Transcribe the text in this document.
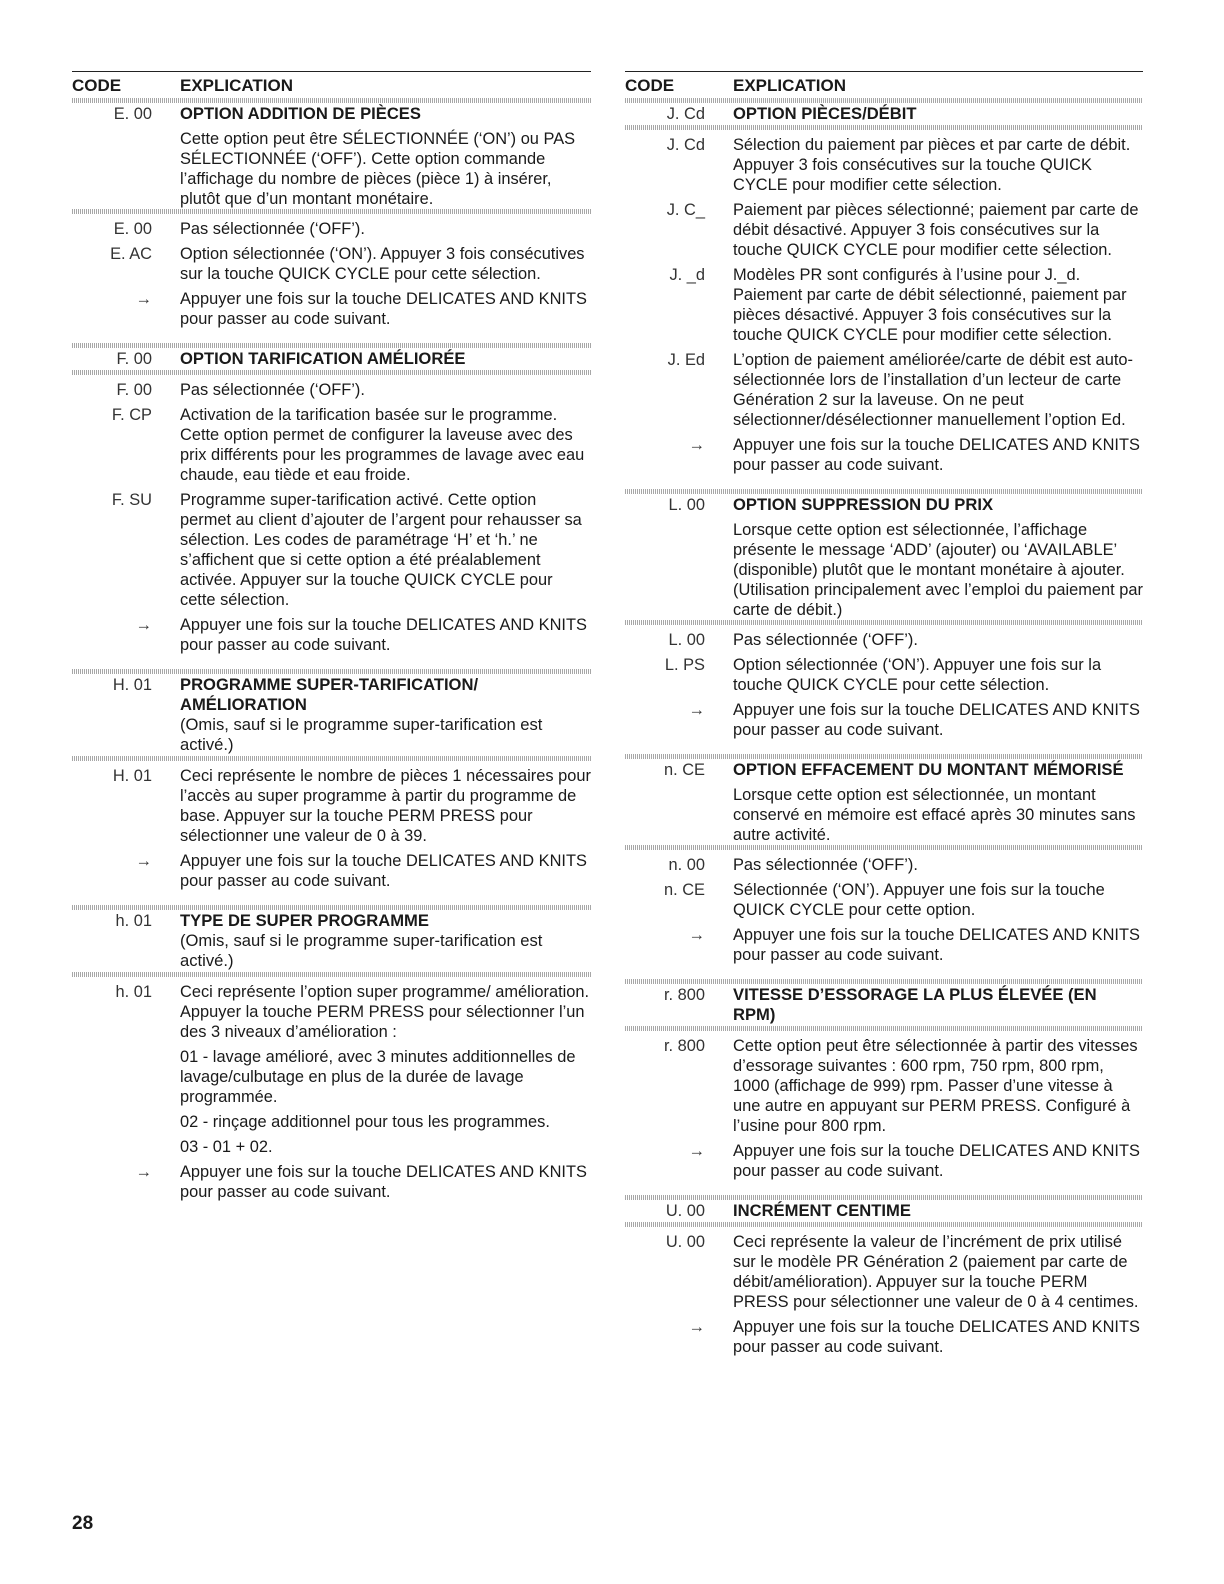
CODE	EXPLICATION
E. 00	OPTION ADDITION DE PIÈCES
Cette option peut être SÉLECTIONNÉE (‘ON’) ou PAS SÉLECTIONNÉE (‘OFF’). Cette option commande l’affichage du nombre de pièces (pièce 1) à insérer, plutôt que d’un montant monétaire.
E. 00	Pas sélectionnée (‘OFF’).
E. AC	Option sélectionnée (‘ON’). Appuyer 3 fois consécutives sur la touche QUICK CYCLE pour cette sélection.
→	Appuyer une fois sur la touche DELICATES AND KNITS pour passer au code suivant.
F. 00	OPTION TARIFICATION AMÉLIORÉE
F. 00	Pas sélectionnée (‘OFF’).
F. CP	Activation de la tarification basée sur le programme. Cette option permet de configurer la laveuse avec des prix différents pour les programmes de lavage avec eau chaude, eau tiède et eau froide.
F. SU	Programme super-tarification activé. Cette option permet au client d’ajouter de l’argent pour rehausser sa sélection. Les codes de paramétrage ‘H’ et ‘h.’ ne s’affichent que si cette option a été préalablement activée. Appuyer sur la touche QUICK CYCLE pour cette sélection.
→	Appuyer une fois sur la touche DELICATES AND KNITS pour passer au code suivant.
H. 01	PROGRAMME SUPER-TARIFICATION/ AMÉLIORATION
(Omis, sauf si le programme super-tarification est activé.)
H. 01	Ceci représente le nombre de pièces 1 nécessaires pour l’accès au super programme à partir du programme de base. Appuyer sur la touche PERM PRESS pour sélectionner une valeur de 0 à 39.
→	Appuyer une fois sur la touche DELICATES AND KNITS pour passer au code suivant.
h. 01	TYPE DE SUPER PROGRAMME
(Omis, sauf si le programme super-tarification est activé.)
h. 01	Ceci représente l’option super programme/ amélioration. Appuyer la touche PERM PRESS pour sélectionner l’un des 3 niveaux d’amélioration :
01 - lavage amélioré, avec 3 minutes additionnelles de lavage/culbutage en plus de la durée de lavage programmée.
02 - rinçage additionnel pour tous les programmes.
03 - 01 + 02.
→	Appuyer une fois sur la touche DELICATES AND KNITS pour passer au code suivant.
CODE	EXPLICATION
J. Cd	OPTION PIÈCES/DÉBIT
J. Cd	Sélection du paiement par pièces et par carte de débit. Appuyer 3 fois consécutives sur la touche QUICK CYCLE pour modifier cette sélection.
J. C_	Paiement par pièces sélectionné; paiement par carte de débit désactivé. Appuyer 3 fois consécutives sur la touche QUICK CYCLE pour modifier cette sélection.
J. _d	Modèles PR sont configurés à l’usine pour J._d. Paiement par carte de débit sélectionné, paiement par pièces désactivé. Appuyer 3 fois consécutives sur la touche QUICK CYCLE pour modifier cette sélection.
J. Ed	L’option de paiement améliorée/carte de débit est auto-sélectionnée lors de l’installation d’un lecteur de carte Génération 2 sur la laveuse. On ne peut sélectionner/désélectionner manuellement l’option Ed.
→	Appuyer une fois sur la touche DELICATES AND KNITS pour passer au code suivant.
L. 00	OPTION SUPPRESSION DU PRIX
Lorsque cette option est sélectionnée, l’affichage présente le message ‘ADD’ (ajouter) ou ‘AVAILABLE’ (disponible) plutôt que le montant monétaire à ajouter. (Utilisation principalement avec l’emploi du paiement par carte de débit.)
L. 00	Pas sélectionnée (‘OFF’).
L. PS	Option sélectionnée (‘ON’). Appuyer une fois sur la touche QUICK CYCLE pour cette sélection.
→	Appuyer une fois sur la touche DELICATES AND KNITS pour passer au code suivant.
n. CE	OPTION EFFACEMENT DU MONTANT MÉMORISÉ
Lorsque cette option est sélectionnée, un montant conservé en mémoire est effacé après 30 minutes sans autre activité.
n. 00	Pas sélectionnée (‘OFF’).
n. CE	Sélectionnée (‘ON’). Appuyer une fois sur la touche QUICK CYCLE pour cette option.
→	Appuyer une fois sur la touche DELICATES AND KNITS pour passer au code suivant.
r. 800	VITESSE D’ESSORAGE LA PLUS ÉLEVÉE (EN RPM)
r. 800	Cette option peut être sélectionnée à partir des vitesses d’essorage suivantes : 600 rpm, 750 rpm, 800 rpm, 1000 (affichage de 999) rpm. Passer d’une vitesse à une autre en appuyant sur PERM PRESS. Configuré à l’usine pour 800 rpm.
→	Appuyer une fois sur la touche DELICATES AND KNITS pour passer au code suivant.
U. 00	INCRÉMENT CENTIME
U. 00	Ceci représente la valeur de l’incrément de prix utilisé sur le modèle PR Génération 2 (paiement par carte de débit/amélioration). Appuyer sur la touche PERM PRESS pour sélectionner une valeur de 0 à 4 centimes.
→	Appuyer une fois sur la touche DELICATES AND KNITS pour passer au code suivant.
28
